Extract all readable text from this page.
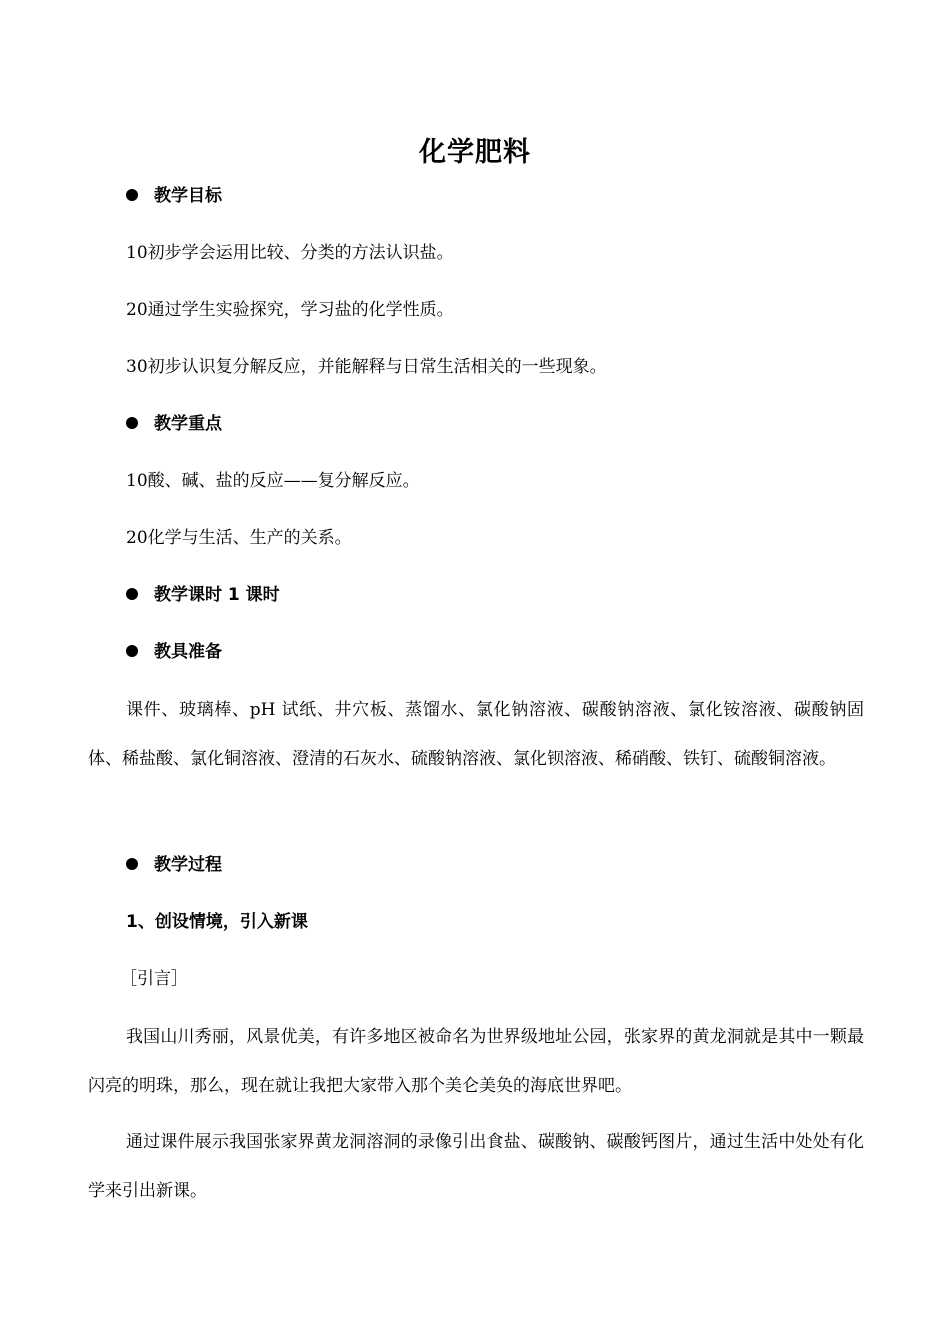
化学肥料
教学目标
10初步学会运用比较、分类的方法认识盐。
20通过学生实验探究，学习盐的化学性质。
30初步认识复分解反应，并能解释与日常生活相关的一些现象。
教学重点
10酸、碱、盐的反应——复分解反应。
20化学与生活、生产的关系。
教学课时 1 课时
教具准备
课件、玻璃棒、pH 试纸、井穴板、蒸馏水、氯化钠溶液、碳酸钠溶液、氯化铵溶液、碳酸钠固体、稀盐酸、氯化铜溶液、澄清的石灰水、硫酸钠溶液、氯化钡溶液、稀硝酸、铁钉、硫酸铜溶液。
教学过程
1、创设情境，引入新课
［引言］
我国山川秀丽，风景优美，有许多地区被命名为世界级地址公园，张家界的黄龙洞就是其中一颗最闪亮的明珠，那么，现在就让我把大家带入那个美仑美奂的海底世界吧。
通过课件展示我国张家界黄龙洞溶洞的录像引出食盐、碳酸钠、碳酸钙图片，通过生活中处处有化学来引出新课。
